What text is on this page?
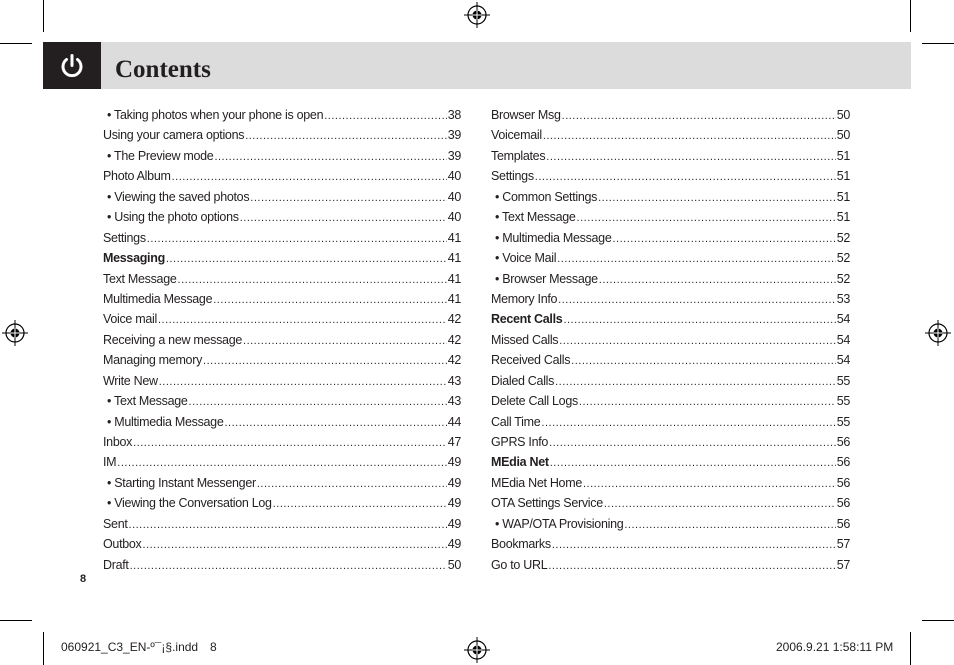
Contents
• Taking photos when your phone is open .....	38
Using your camera options .....	39
• The Preview mode .....	39
Photo Album .....	40
• Viewing the saved photos .....	40
• Using the photo options .....	40
Settings .....	41
Messaging .....	41
Text Message .....	41
Multimedia Message .....	41
Voice mail .....	42
Receiving a new message .....	42
Managing memory .....	42
Write New .....	43
• Text Message .....	43
• Multimedia Message .....	44
Inbox .....	47
IM .....	49
• Starting Instant Messenger .....	49
• Viewing the Conversation Log .....	49
Sent .....	49
Outbox .....	49
Draft .....	50
Browser Msg .....	50
Voicemail .....	50
Templates .....	51
Settings .....	51
• Common Settings .....	51
• Text Message .....	51
• Multimedia Message .....	52
• Voice Mail .....	52
• Browser Message .....	52
Memory Info .....	53
Recent Calls .....	54
Missed Calls .....	54
Received Calls .....	54
Dialed Calls .....	55
Delete Call Logs .....	55
Call Time .....	55
GPRS Info .....	56
MEdia Net .....	56
MEdia Net Home .....	56
OTA Settings Service .....	56
• WAP/OTA Provisioning .....	56
Bookmarks .....	57
Go to URL .....	57
8
060921_C3_EN-º¯¡§.indd 8	2006.9.21 1:58:11 PM
